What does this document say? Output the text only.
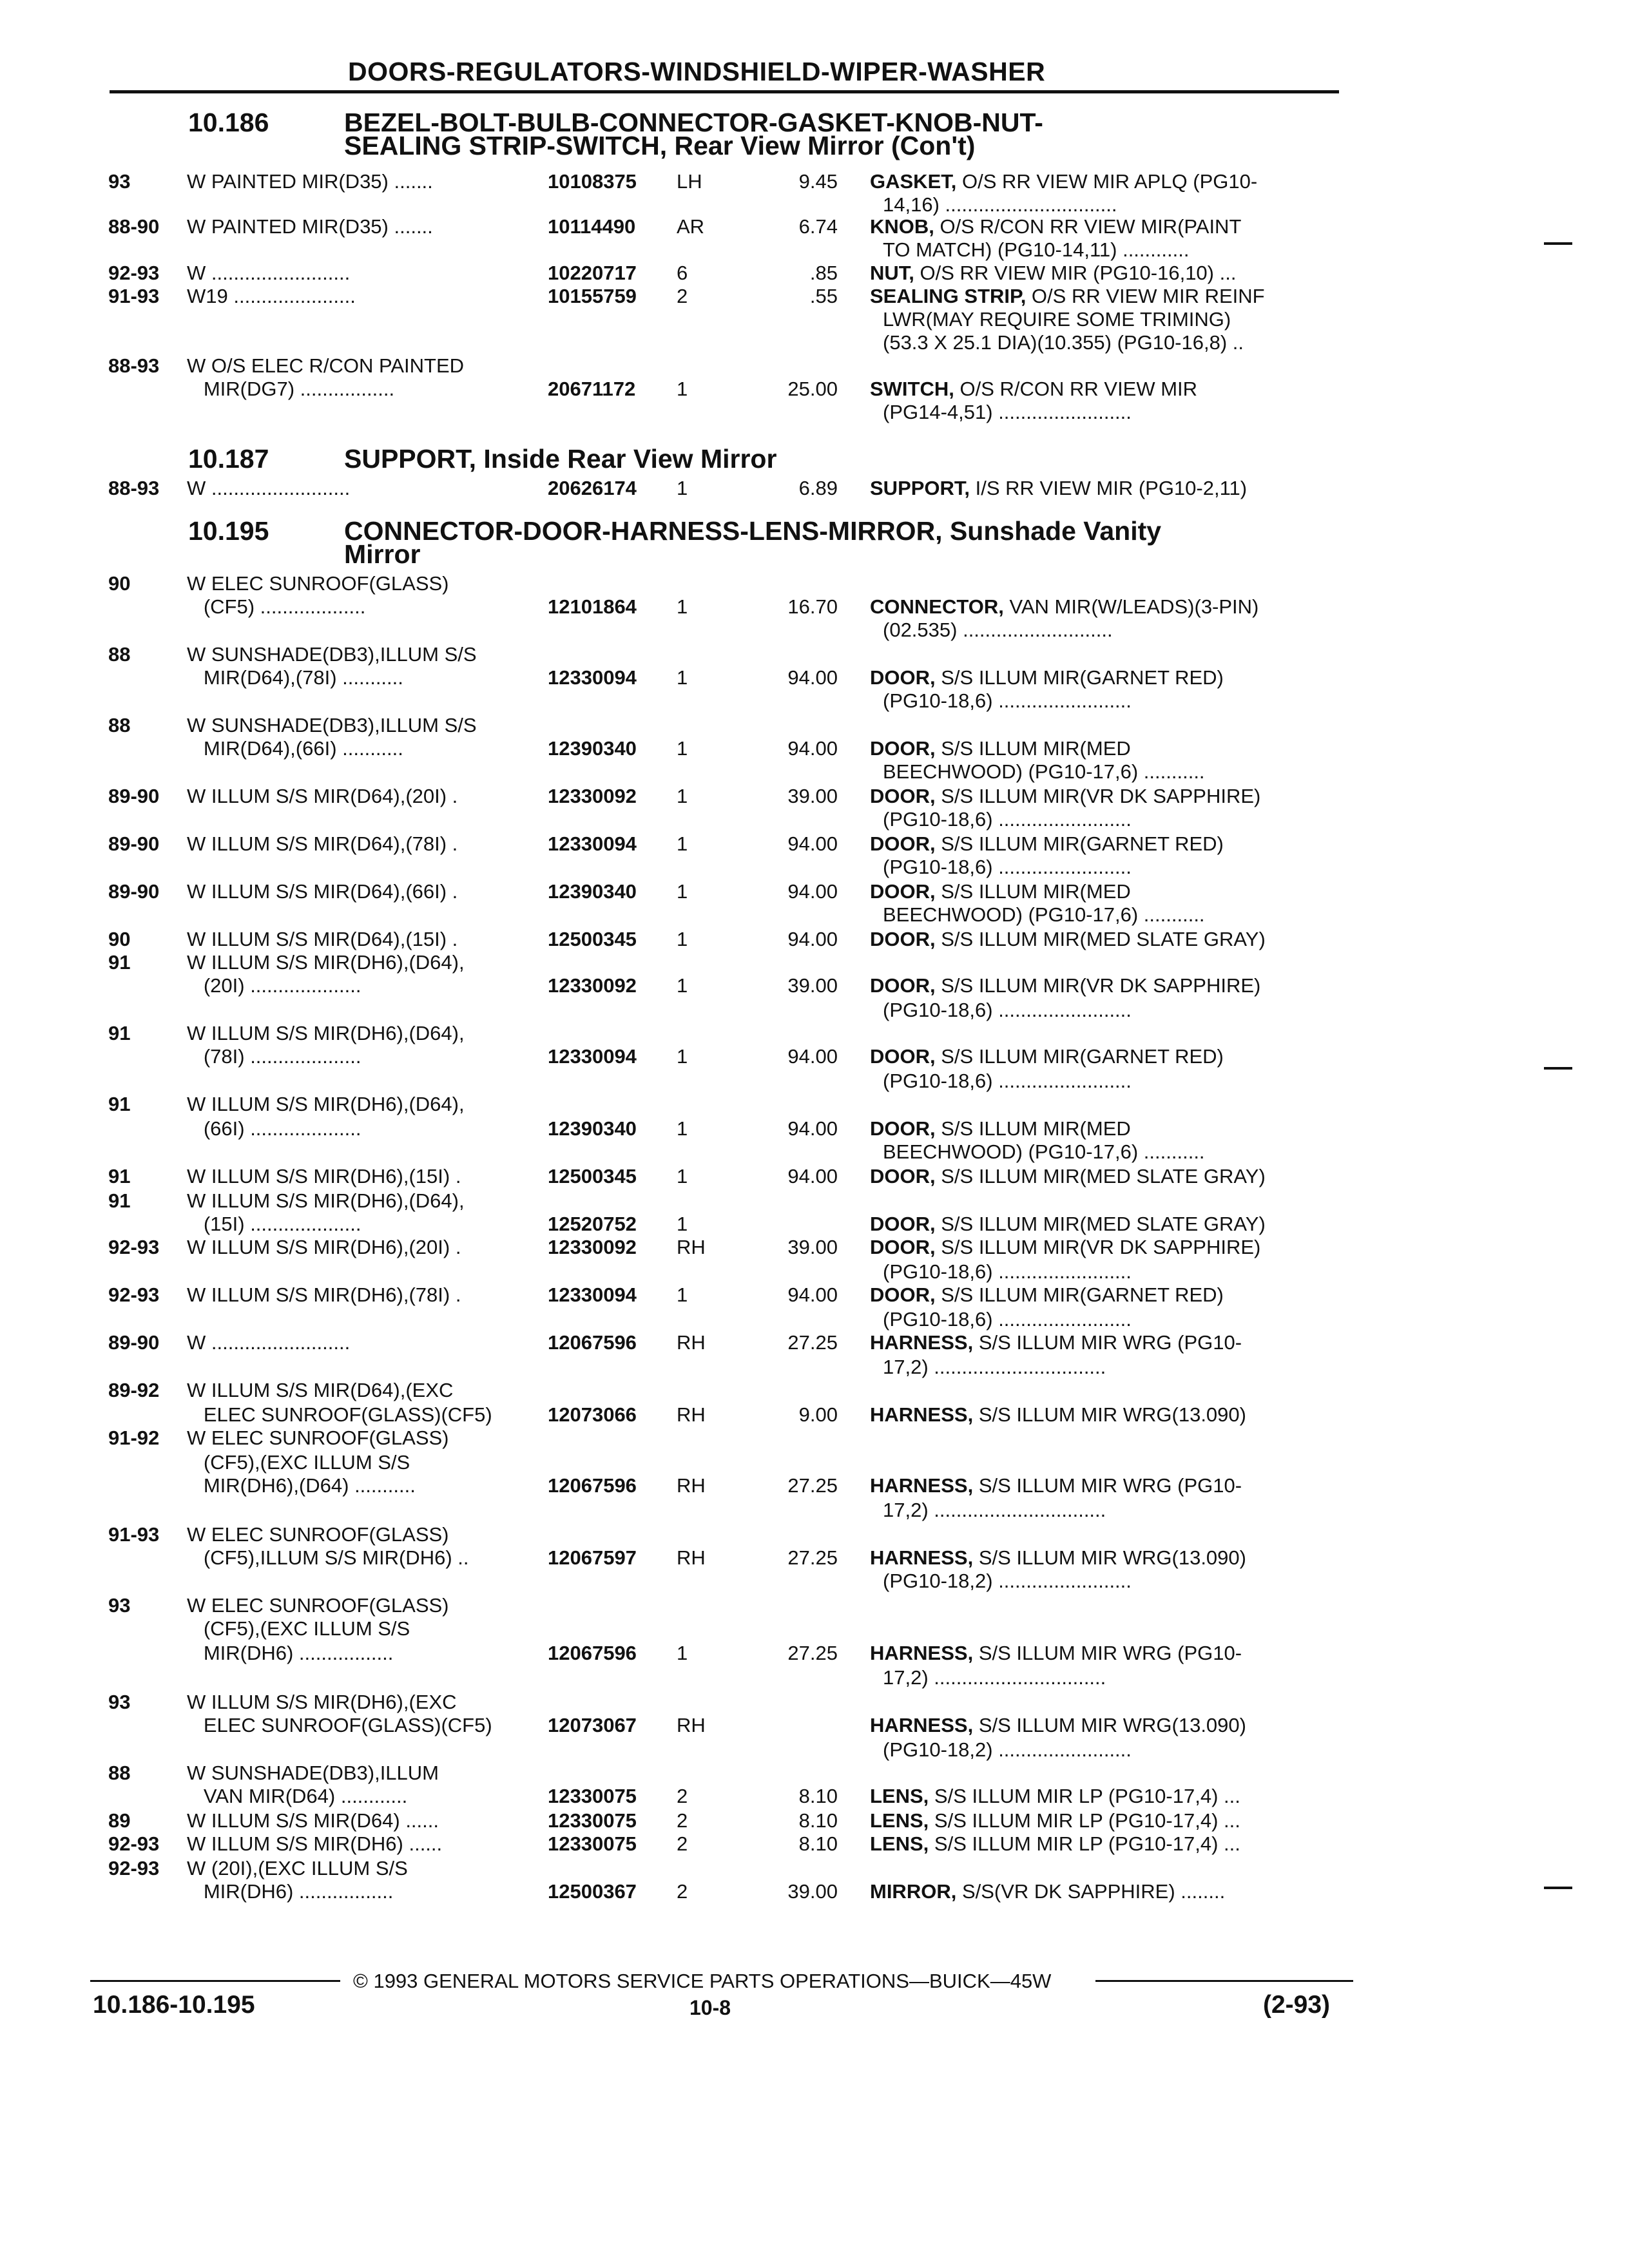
DOORS-REGULATORS-WINDSHIELD-WIPER-WASHER
10.186	BEZEL-BOLT-BULB-CONNECTOR-GASKET-KNOB-NUT-
SEALING STRIP-SWITCH, Rear View Mirror (Con't)
10.187	SUPPORT, Inside Rear View Mirror
10.195	CONNECTOR-DOOR-HARNESS-LENS-MIRROR, Sunshade Vanity
Mirror
93	W PAINTED MIR(D35) .......	10108375 LH	9.45 GASKET, O/S RR VIEW MIR APLQ (PG10-
14,16) ...............................
88-90 W PAINTED MIR(D35) .......	10114490 AR	6.74 KNOB, O/S R/CON RR VIEW MIR(PAINT
TO MATCH) (PG10-14,11) ............
92-93 W .........................	10220717 6	.85 NUT, O/S RR VIEW MIR (PG10-16,10) ...
91-93 W19 ......................	10155759 2	.55 SEALING STRIP, O/S RR VIEW MIR REINF
LWR(MAY REQUIRE SOME TRIMING)
(53.3 X 25.1 DIA)(10.355) (PG10-16,8) ..
88-93 W O/S ELEC R/CON PAINTED
MIR(DG7) .................	20671172 1	25.00 SWITCH, O/S R/CON RR VIEW MIR
(PG14-4,51) ........................
88-93 W .........................	20626174 1	6.89 SUPPORT, I/S RR VIEW MIR (PG10-2,11)
90	W ELEC SUNROOF(GLASS)
(CF5) ...................	12101864 1	16.70 CONNECTOR, VAN MIR(W/LEADS)(3-PIN)
(02.535) ...........................
88	W SUNSHADE(DB3),ILLUM S/S
MIR(D64),(78I) ...........	12330094 1	94.00 DOOR, S/S ILLUM MIR(GARNET RED)
(PG10-18,6) ........................
88	W SUNSHADE(DB3),ILLUM S/S
MIR(D64),(66I) ...........	12390340 1	94.00 DOOR, S/S ILLUM MIR(MED
BEECHWOOD) (PG10-17,6) ...........
89-90 W ILLUM S/S MIR(D64),(20I) .	12330092 1	39.00 DOOR, S/S ILLUM MIR(VR DK SAPPHIRE)
(PG10-18,6) ........................
89-90 W ILLUM S/S MIR(D64),(78I) .	12330094 1	94.00 DOOR, S/S ILLUM MIR(GARNET RED)
(PG10-18,6) ........................
89-90 W ILLUM S/S MIR(D64),(66I) .	12390340 1	94.00 DOOR, S/S ILLUM MIR(MED
BEECHWOOD) (PG10-17,6) ...........
90	W ILLUM S/S MIR(D64),(15I) .	12500345 1	94.00 DOOR, S/S ILLUM MIR(MED SLATE GRAY)
91	W ILLUM S/S MIR(DH6),(D64),
(20I) ....................	12330092 1	39.00 DOOR, S/S ILLUM MIR(VR DK SAPPHIRE)
(PG10-18,6) ........................
91	W ILLUM S/S MIR(DH6),(D64),
(78I) ....................	12330094 1	94.00 DOOR, S/S ILLUM MIR(GARNET RED)
(PG10-18,6) ........................
91	W ILLUM S/S MIR(DH6),(D64),
(66I) ....................	12390340 1	94.00 DOOR, S/S ILLUM MIR(MED
BEECHWOOD) (PG10-17,6) ...........
91	W ILLUM S/S MIR(DH6),(15I) .	12500345 1	94.00 DOOR, S/S ILLUM MIR(MED SLATE GRAY)
91	W ILLUM S/S MIR(DH6),(D64),
(15I) ....................	12520752 1	DOOR, S/S ILLUM MIR(MED SLATE GRAY)
92-93 W ILLUM S/S MIR(DH6),(20I) .	12330092 RH	39.00 DOOR, S/S ILLUM MIR(VR DK SAPPHIRE)
(PG10-18,6) ........................
92-93 W ILLUM S/S MIR(DH6),(78I) .	12330094 1	94.00 DOOR, S/S ILLUM MIR(GARNET RED)
(PG10-18,6) ........................
89-90 W .........................	12067596 RH	27.25 HARNESS, S/S ILLUM MIR WRG (PG10-
17,2) ...............................
89-92 W ILLUM S/S MIR(D64),(EXC
ELEC SUNROOF(GLASS)(CF5)	12073066 RH	9.00 HARNESS, S/S ILLUM MIR WRG(13.090)
91-92 W ELEC SUNROOF(GLASS)
(CF5),(EXC ILLUM S/S
MIR(DH6),(D64) ...........	12067596 RH	27.25 HARNESS, S/S ILLUM MIR WRG (PG10-
17,2) ...............................
91-93 W ELEC SUNROOF(GLASS)
(CF5),ILLUM S/S MIR(DH6) ..	12067597 RH	27.25 HARNESS, S/S ILLUM MIR WRG(13.090)
(PG10-18,2) ........................
93	W ELEC SUNROOF(GLASS)
(CF5),(EXC ILLUM S/S
MIR(DH6) .................	12067596 1	27.25 HARNESS, S/S ILLUM MIR WRG (PG10-
17,2) ...............................
93	W ILLUM S/S MIR(DH6),(EXC
ELEC SUNROOF(GLASS)(CF5)	12073067 RH	HARNESS, S/S ILLUM MIR WRG(13.090)
(PG10-18,2) ........................
88	W SUNSHADE(DB3),ILLUM
VAN MIR(D64) ............	12330075 2	8.10 LENS, S/S ILLUM MIR LP (PG10-17,4) ...
89	W ILLUM S/S MIR(D64) ......	12330075 2	8.10 LENS, S/S ILLUM MIR LP (PG10-17,4) ...
92-93 W ILLUM S/S MIR(DH6) ......	12330075 2	8.10 LENS, S/S ILLUM MIR LP (PG10-17,4) ...
92-93 W (20I),(EXC ILLUM S/S
MIR(DH6) .................	12500367 2	39.00 MIRROR, S/S(VR DK SAPPHIRE) ........
© 1993 GENERAL MOTORS SERVICE PARTS OPERATIONS—BUICK—45W
10.186-10.195	10-8	(2-93)
